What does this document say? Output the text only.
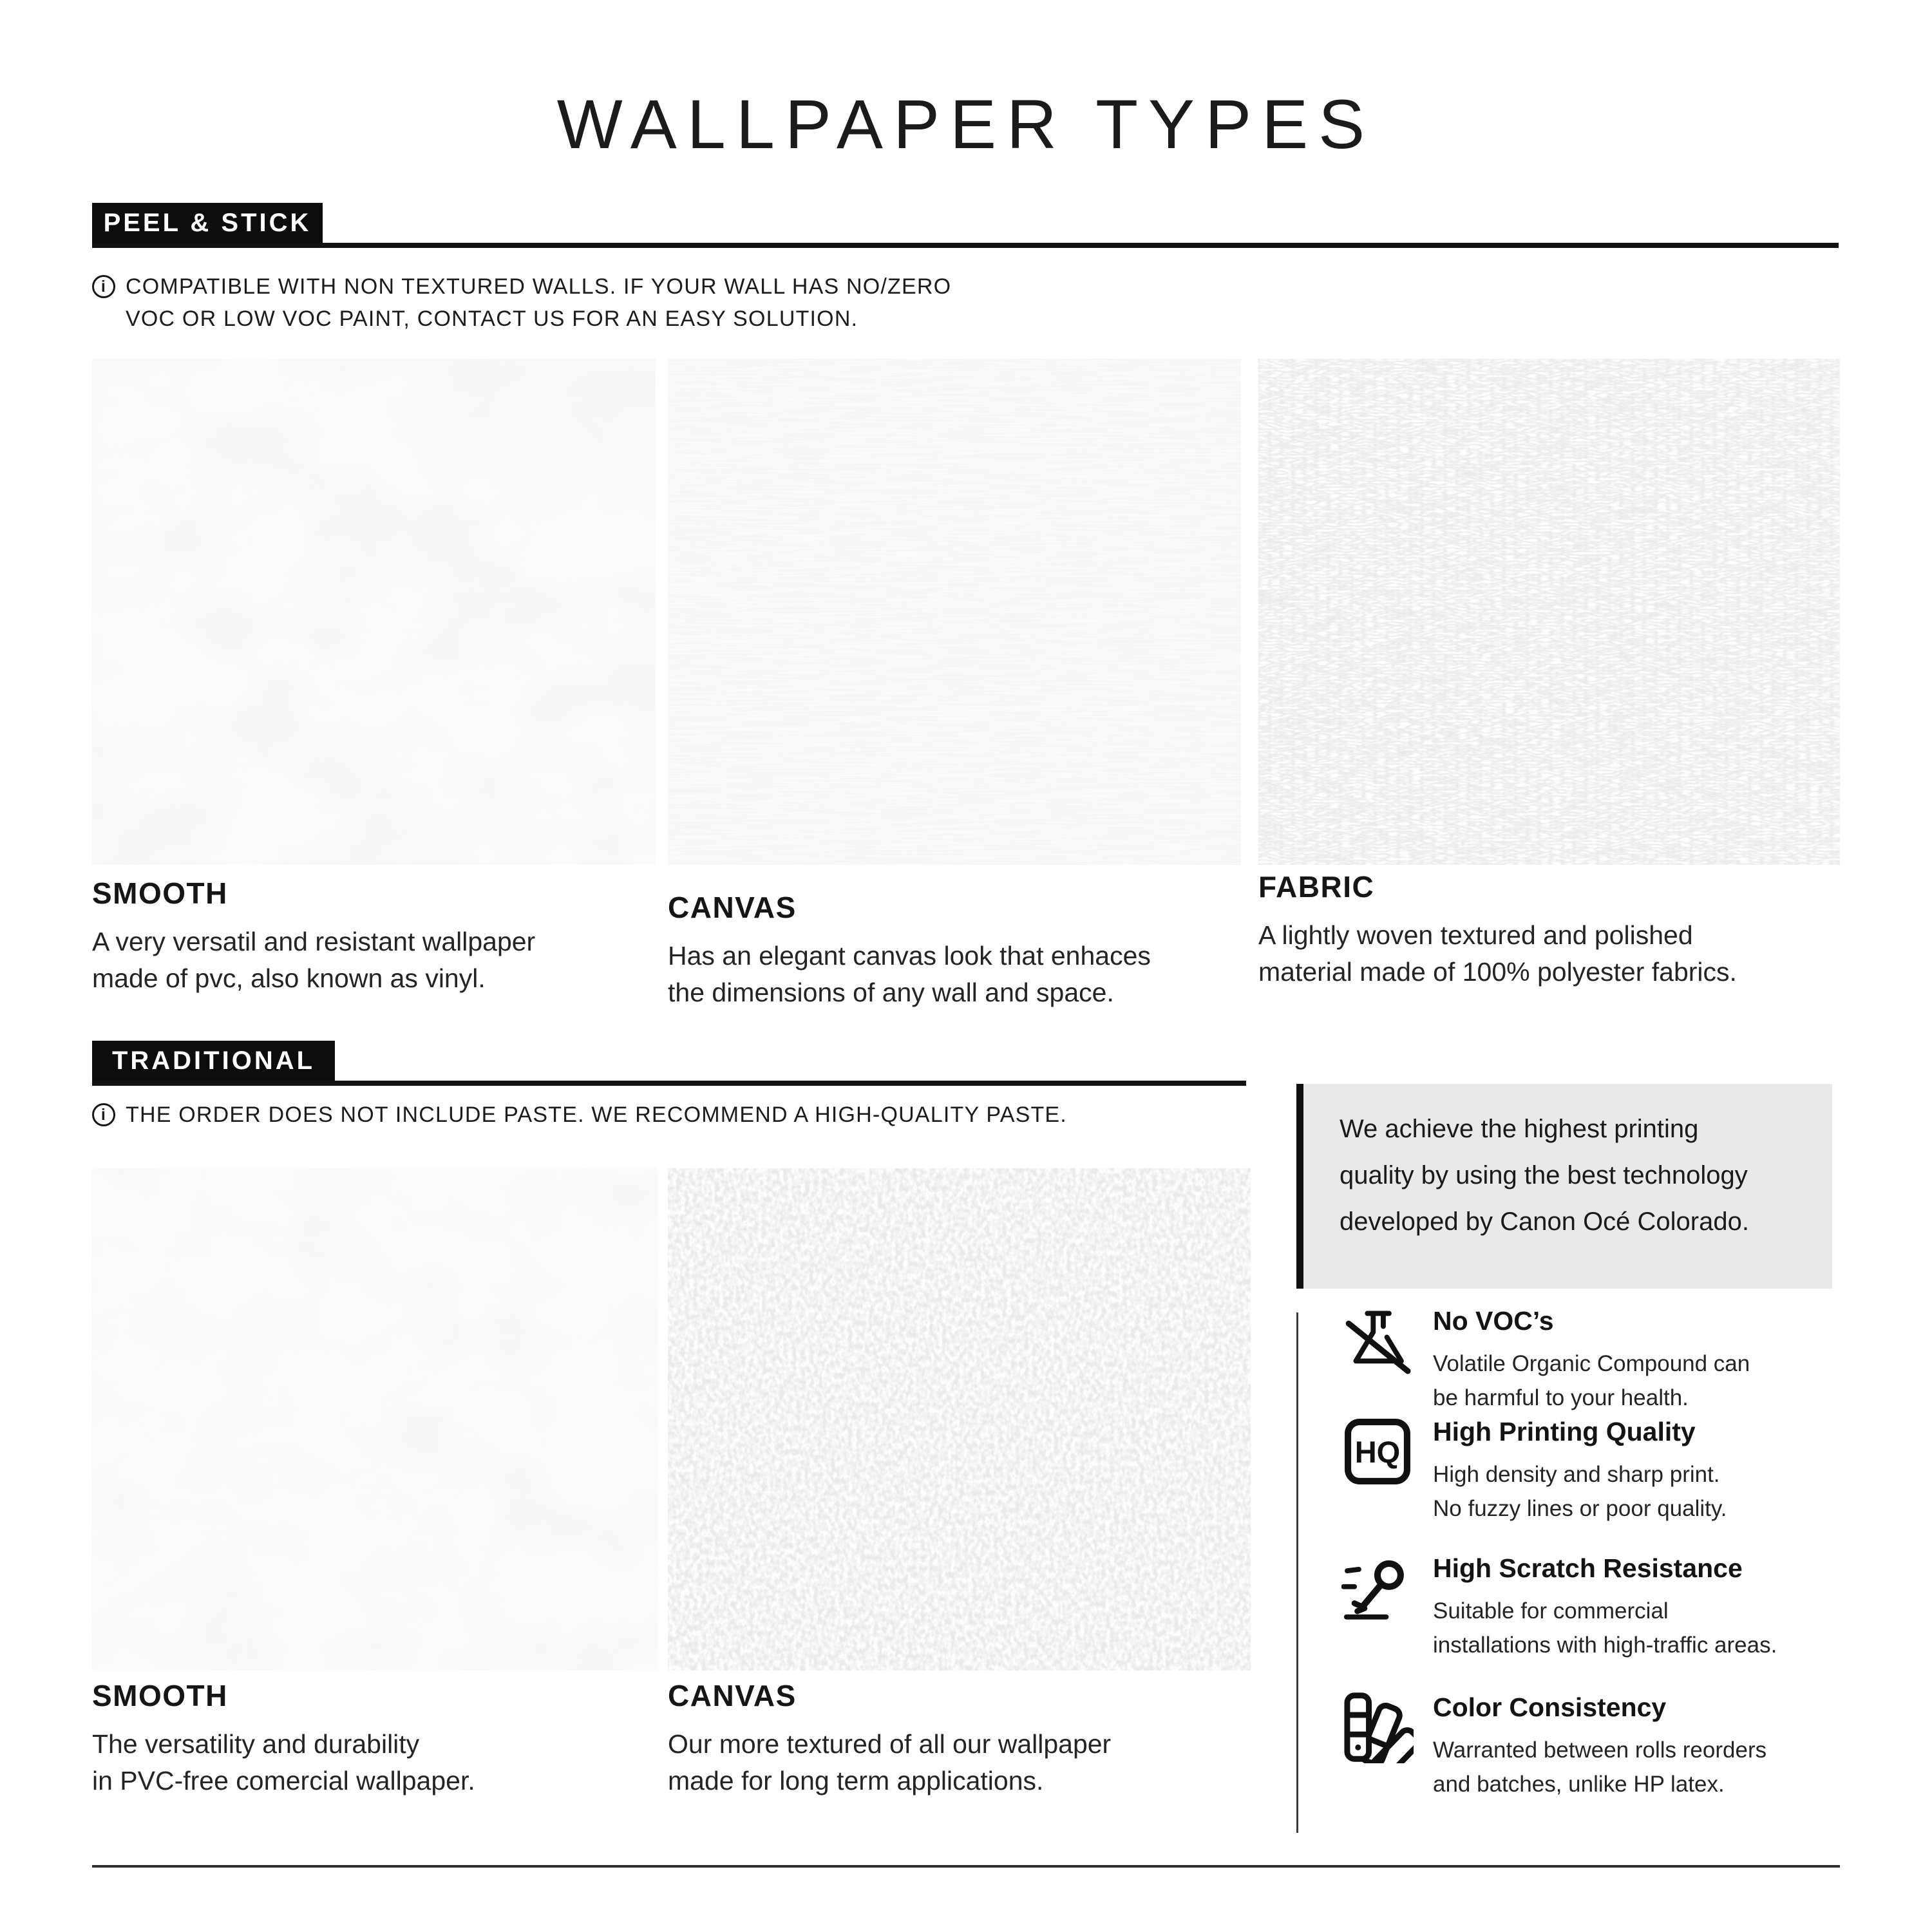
WALLPAPER TYPES
PEEL & STICK
i COMPATIBLE WITH NON TEXTURED WALLS. IF YOUR WALL HAS NO/ZERO
VOC OR LOW VOC PAINT, CONTACT US FOR AN EASY SOLUTION.
SMOOTH
A very versatil and resistant wallpaper
made of pvc, also known as vinyl.
CANVAS
Has an elegant canvas look that enhaces
the dimensions of any wall and space.
FABRIC
A lightly woven textured and polished
material made of 100% polyester fabrics.
TRADITIONAL
i THE ORDER DOES NOT INCLUDE PASTE. WE RECOMMEND A HIGH-QUALITY PASTE.
SMOOTH
The versatility and durability
in PVC-free comercial wallpaper.
CANVAS
Our more textured of all our wallpaper
made for long term applications.
We achieve the highest printing
quality by using the best technology
developed by Canon Océ Colorado.
No VOC’s
Volatile Organic Compound can
be harmful to your health.
HQ
High Printing Quality
High density and sharp print.
No fuzzy lines or poor quality.
High Scratch Resistance
Suitable for commercial
installations with high-traffic areas.
Color Consistency
Warranted between rolls reorders
and batches, unlike HP latex.
